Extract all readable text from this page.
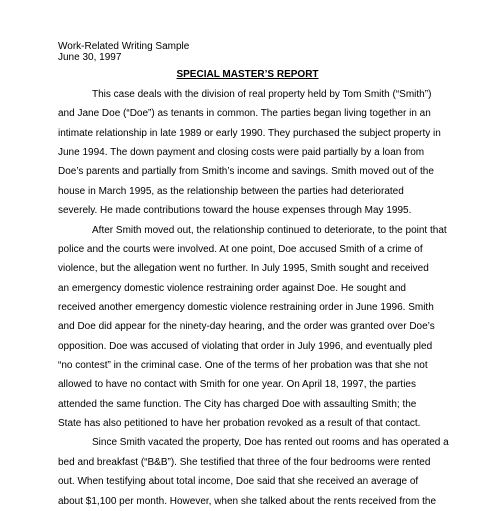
Work-Related Writing Sample
June 30, 1997
SPECIAL MASTER’S REPORT
This case deals with the division of real property held by Tom Smith (“Smith”)
and Jane Doe (“Doe”) as tenants in common. The parties began living together in an
intimate relationship in late 1989 or early 1990. They purchased the subject property in
June 1994. The down payment and closing costs were paid partially by a loan from
Doe’s parents and partially from Smith’s income and savings. Smith moved out of the
house in March 1995, as the relationship between the parties had deteriorated
severely. He made contributions toward the house expenses through May 1995.
After Smith moved out, the relationship continued to deteriorate, to the point that
police and the courts were involved. At one point, Doe accused Smith of a crime of
violence, but the allegation went no further. In July 1995, Smith sought and received
an emergency domestic violence restraining order against Doe. He sought and
received another emergency domestic violence restraining order in June 1996. Smith
and Doe did appear for the ninety-day hearing, and the order was granted over Doe’s
opposition. Doe was accused of violating that order in July 1996, and eventually pled
“no contest” in the criminal case. One of the terms of her probation was that she not
allowed to have no contact with Smith for one year. On April 18, 1997, the parties
attended the same function. The City has charged Doe with assaulting Smith; the
State has also petitioned to have her probation revoked as a result of that contact.
Since Smith vacated the property, Doe has rented out rooms and has operated a
bed and breakfast (“B&B”). She testified that three of the four bedrooms were rented
out. When testifying about total income, Doe said that she received an average of
about $1,100 per month. However, when she talked about the rents received from the
